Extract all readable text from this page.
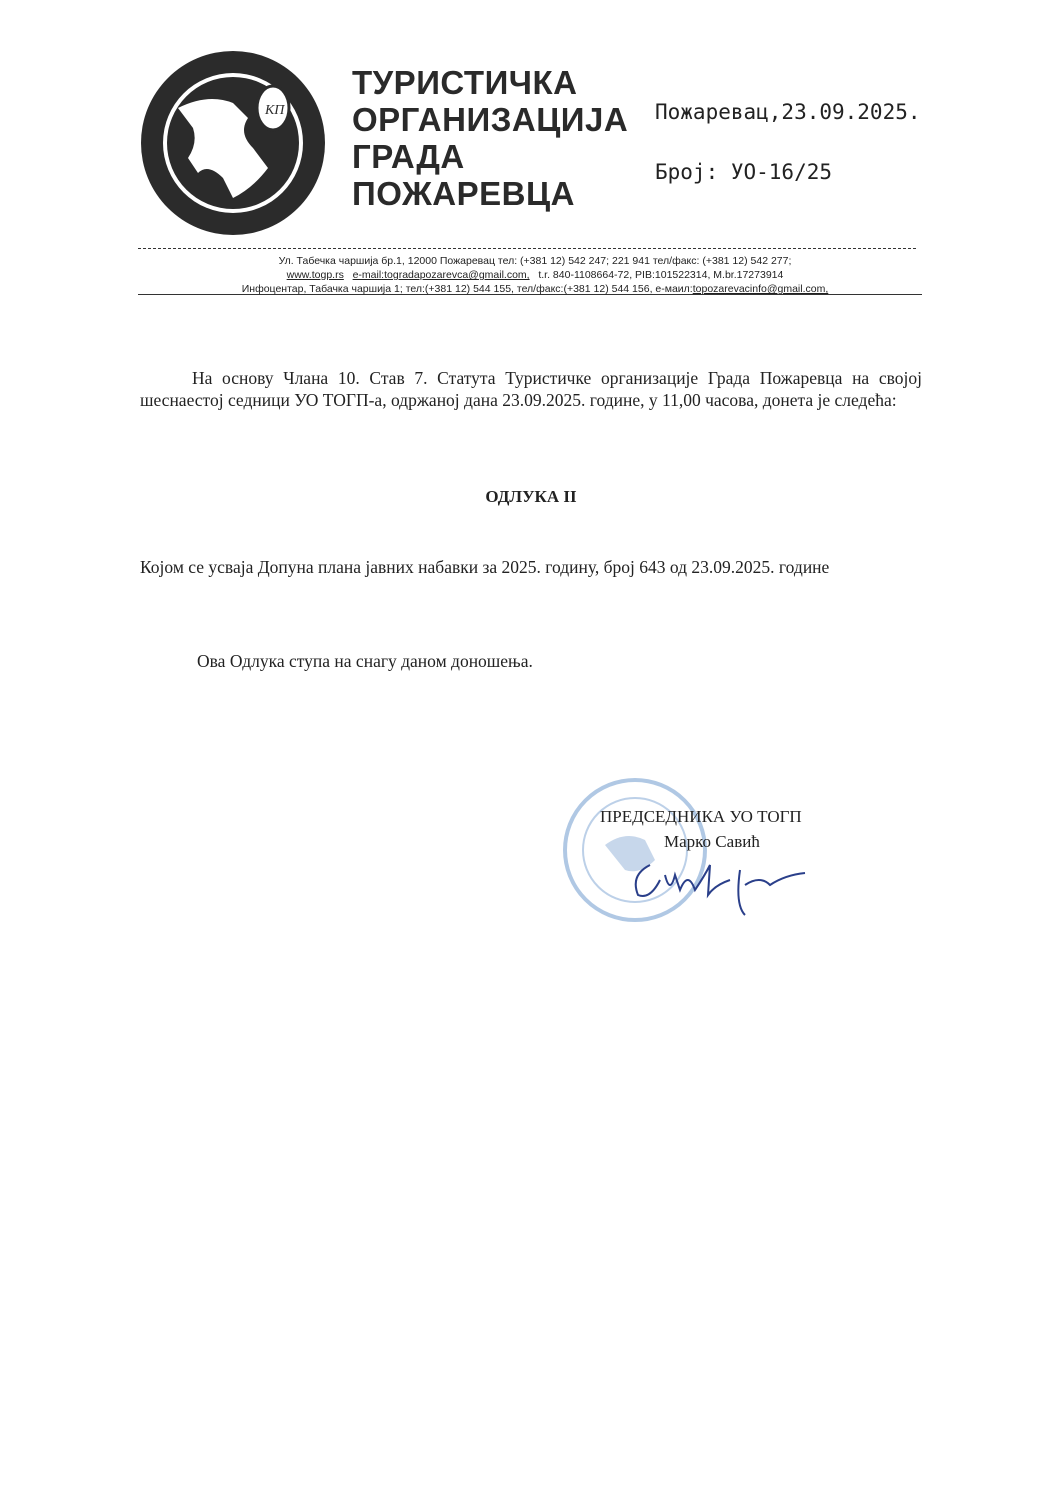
КП
ТУРИСТИЧКА
ОРГАНИЗАЦИЈА
ГРАДА
ПОЖАРЕВЦА
Пожаревац,23.09.2025.
Број: УО-16/25
Ул. Табечка чаршија бр.1, 12000 Пожаревац тел: (+381 12) 542 247; 221 941 тел/факс: (+381 12) 542 277;
www.togp.rs e-mail:togradapozarevca@gmail.com, t.r. 840-1108664-72, PIB:101522314, M.br.17273914
Инфоцентар, Табачка чаршија 1; тел:(+381 12) 544 155, тел/факс:(+381 12) 544 156, е-маил:topozarevacinfo@gmail.com,
На основу Члана 10. Став 7. Статута Туристичке организације Града Пожаревца на својој шеснаестој седници УО ТОГП-а, одржаној дана 23.09.2025. године, у 11,00 часова, донета је следећа:
ОДЛУКА II
Којом се усваја Допуна плана јавних набавки за 2025. годину, број 643 од 23.09.2025. године
Ова Одлука ступа на снагу даном доношења.
ПРЕДСЕДНИКА УО ТОГП
Марко Савић
